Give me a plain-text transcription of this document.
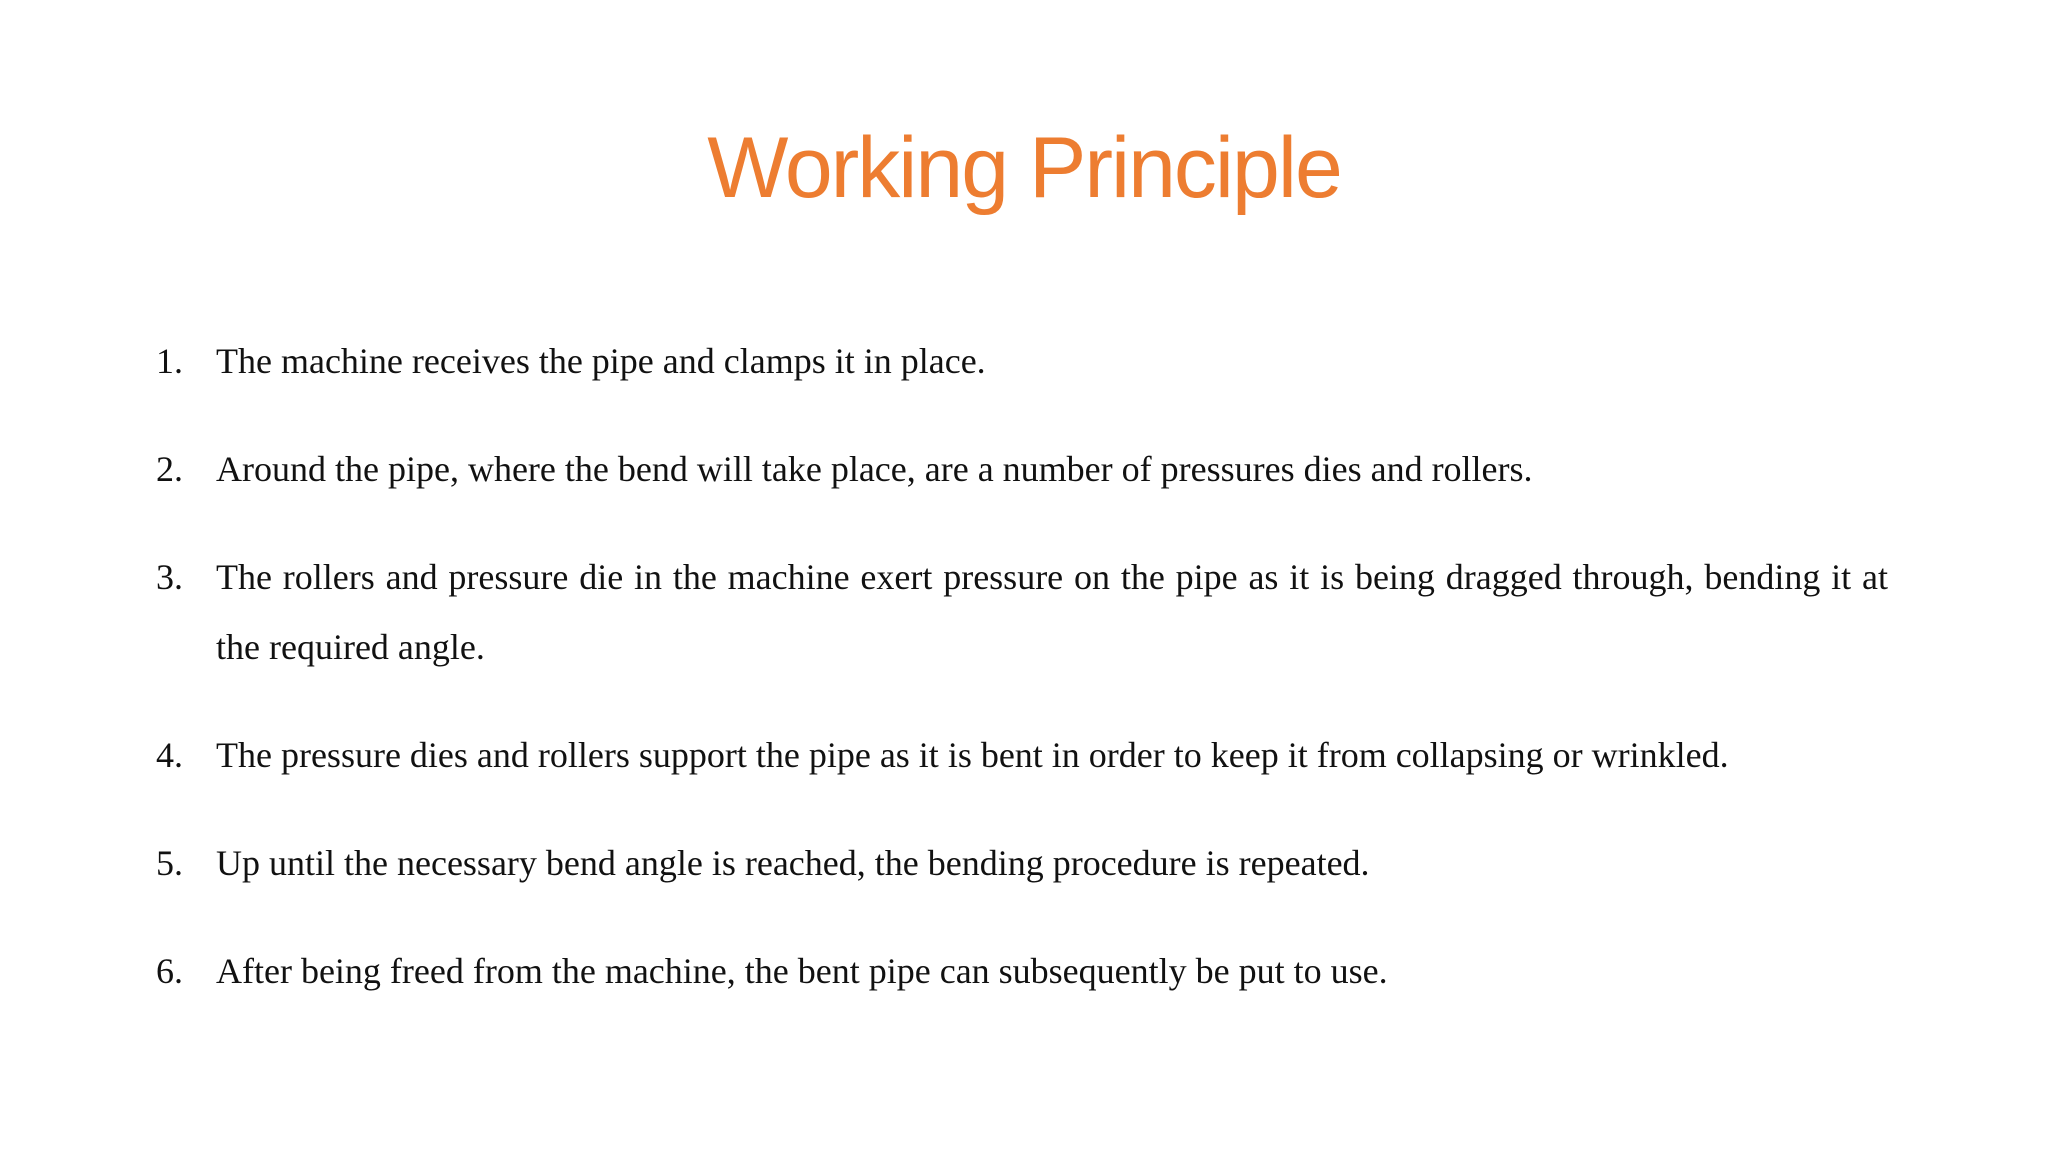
Working Principle
1. The machine receives the pipe and clamps it in place.
2. Around the pipe, where the bend will take place, are a number of pressures dies and rollers.
3. The rollers and pressure die in the machine exert pressure on the pipe as it is being dragged through, bending it at the required angle.
4. The pressure dies and rollers support the pipe as it is bent in order to keep it from collapsing or wrinkled.
5. Up until the necessary bend angle is reached, the bending procedure is repeated.
6. After being freed from the machine, the bent pipe can subsequently be put to use.
